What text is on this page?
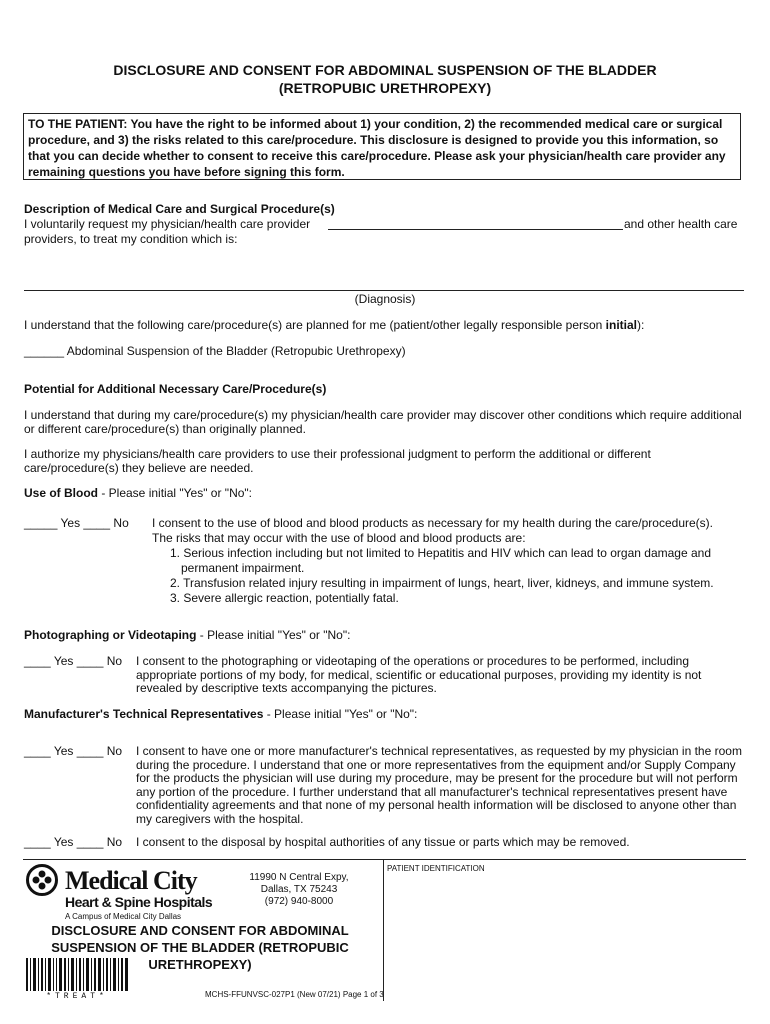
DISCLOSURE AND CONSENT FOR ABDOMINAL SUSPENSION OF THE BLADDER
(RETROPUBIC URETHROPEXY)
TO THE PATIENT: You have the right to be informed about 1) your condition, 2) the recommended medical care or surgical procedure, and 3) the risks related to this care/procedure. This disclosure is designed to provide you this information, so that you can decide whether to consent to receive this care/procedure. Please ask your physician/health care provider any remaining questions you have before signing this form.
Description of Medical Care and Surgical Procedure(s)
I voluntarily request my physician/health care provider	and other health care
providers, to treat my condition which is:
(Diagnosis)
I understand that the following care/procedure(s) are planned for me (patient/other legally responsible person initial):
______ Abdominal Suspension of the Bladder (Retropubic Urethropexy)
Potential for Additional Necessary Care/Procedure(s)
I understand that during my care/procedure(s) my physician/health care provider may discover other conditions which require additional or different care/procedure(s) than originally planned.
I authorize my physicians/health care providers to use their professional judgment to perform the additional or different care/procedure(s) they believe are needed.
Use of Blood - Please initial "Yes" or "No":
_____ Yes ____ No I consent to the use of blood and blood products as necessary for my health during the care/procedure(s).
The risks that may occur with the use of blood and blood products are:
1. Serious infection including but not limited to Hepatitis and HIV which can lead to organ damage and
permanent impairment.
2. Transfusion related injury resulting in impairment of lungs, heart, liver, kidneys, and immune system.
3. Severe allergic reaction, potentially fatal.
Photographing or Videotaping - Please initial "Yes" or "No":
____ Yes ____ No I consent to the photographing or videotaping of the operations or procedures to be performed, including appropriate portions of my body, for medical, scientific or educational purposes, providing my identity is not revealed by descriptive texts accompanying the pictures.
Manufacturer's Technical Representatives - Please initial "Yes" or "No":
____ Yes ____ No I consent to have one or more manufacturer's technical representatives, as requested by my physician in the room during the procedure. I understand that one or more representatives from the equipment and/or Supply Company for the products the physician will use during my procedure, may be present for the procedure but will not perform any portion of the procedure. I further understand that all manufacturer's technical representatives present have confidentiality agreements and that none of my personal health information will be disclosed to anyone other than my caregivers with the hospital.
____ Yes ____ No I consent to the disposal by hospital authorities of any tissue or parts which may be removed.
PATIENT IDENTIFICATION
Medical City
Heart & Spine Hospitals
A Campus of Medical City Dallas
11990 N Central Expy,
Dallas, TX 75243
(972) 940-8000
DISCLOSURE AND CONSENT FOR ABDOMINAL SUSPENSION OF THE BLADDER (RETROPUBIC URETHROPEXY)
*TREAT*	MCHS-FFUNVSC-027P1 (New 07/21) Page 1 of 3
